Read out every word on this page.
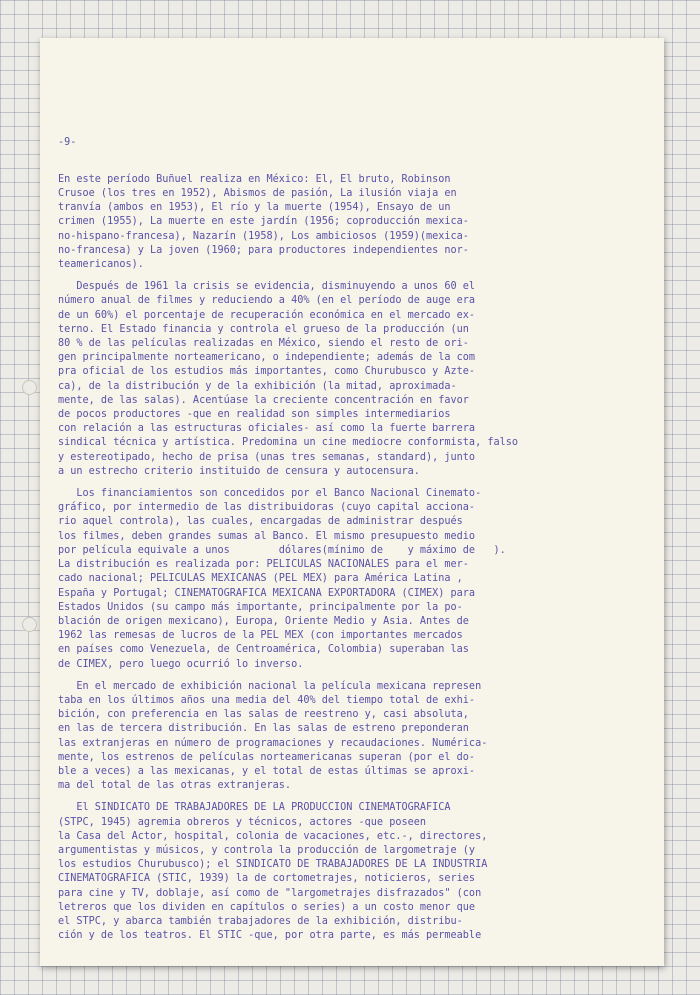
-9-

En este período Buñuel realiza en México: El, El bruto, Robinson
Crusoe (los tres en 1952), Abismos de pasión, La ilusión viaja en
tranvía (ambos en 1953), El río y la muerte (1954), Ensayo de un
crimen (1955), La muerte en este jardín (1956; coproducción mexica-
no-hispano-francesa), Nazarín (1958), Los ambiciosos (1959)(mexica-
no-francesa) y La joven (1960; para productores independientes nor-
teamericanos).
Después de 1961 la crisis se evidencia, disminuyendo a unos 60 el
número anual de filmes y reduciendo a 40% (en el período de auge era
de un 60%) el porcentaje de recuperación económica en el mercado ex-
terno. El Estado financia y controla el grueso de la producción (un
80 % de las películas realizadas en México, siendo el resto de ori-
gen principalmente norteamericano, o independiente; además de la com
pra oficial de los estudios más importantes, como Churubusco y Azte-
ca), de la distribución y de la exhibición (la mitad, aproximada-
mente, de las salas). Acentúase la creciente concentración en favor
de pocos productores -que en realidad son simples intermediarios
con relación a las estructuras oficiales- así como la fuerte barrera
sindical técnica y artística. Predomina un cine mediocre conformista, falso
y estereotipado, hecho de prisa (unas tres semanas, standard), junto
a un estrecho criterio instituido de censura y autocensura.
Los financiamientos son concedidos por el Banco Nacional Cinemato-
gráfico, por intermedio de las distribuidoras (cuyo capital acciona-
rio aquel controla), las cuales, encargadas de administrar después
los filmes, deben grandes sumas al Banco. El mismo presupuesto medio
por película equivale a unos        dólares(mínimo de    y máximo de   ).
La distribución es realizada por: PELICULAS NACIONALES para el mer-
cado nacional; PELICULAS MEXICANAS (PEL MEX) para América Latina ,
España y Portugal; CINEMATOGRAFICA MEXICANA EXPORTADORA (CIMEX) para
Estados Unidos (su campo más importante, principalmente por la po-
blación de origen mexicano), Europa, Oriente Medio y Asia. Antes de
1962 las remesas de lucros de la PEL MEX (con importantes mercados
en países como Venezuela, de Centroamérica, Colombia) superaban las
de CIMEX, pero luego ocurrió lo inverso.
En el mercado de exhibición nacional la película mexicana represen
taba en los últimos años una media del 40% del tiempo total de exhi-
bición, con preferencia en las salas de reestreno y, casi absoluta,
en las de tercera distribución. En las salas de estreno preponderan
las extranjeras en número de programaciones y recaudaciones. Numérica-
mente, los estrenos de películas norteamericanas superan (por el do-
ble a veces) a las mexicanas, y el total de estas últimas se aproxi-
ma del total de las otras extranjeras.
El SINDICATO DE TRABAJADORES DE LA PRODUCCION CINEMATOGRAFICA
(STPC, 1945) agremia obreros y técnicos, actores -que poseen
la Casa del Actor, hospital, colonia de vacaciones, etc.-, directores,
argumentistas y músicos, y controla la producción de largometraje (y
los estudios Churubusco); el SINDICATO DE TRABAJADORES DE LA INDUSTRIA
CINEMATOGRAFICA (STIC, 1939) la de cortometrajes, noticieros, series
para cine y TV, doblaje, así como de "largometrajes disfrazados" (con
letreros que los dividen en capítulos o series) a un costo menor que
el STPC, y abarca también trabajadores de la exhibición, distribu-
ción y de los teatros. El STIC -que, por otra parte, es más permeable
